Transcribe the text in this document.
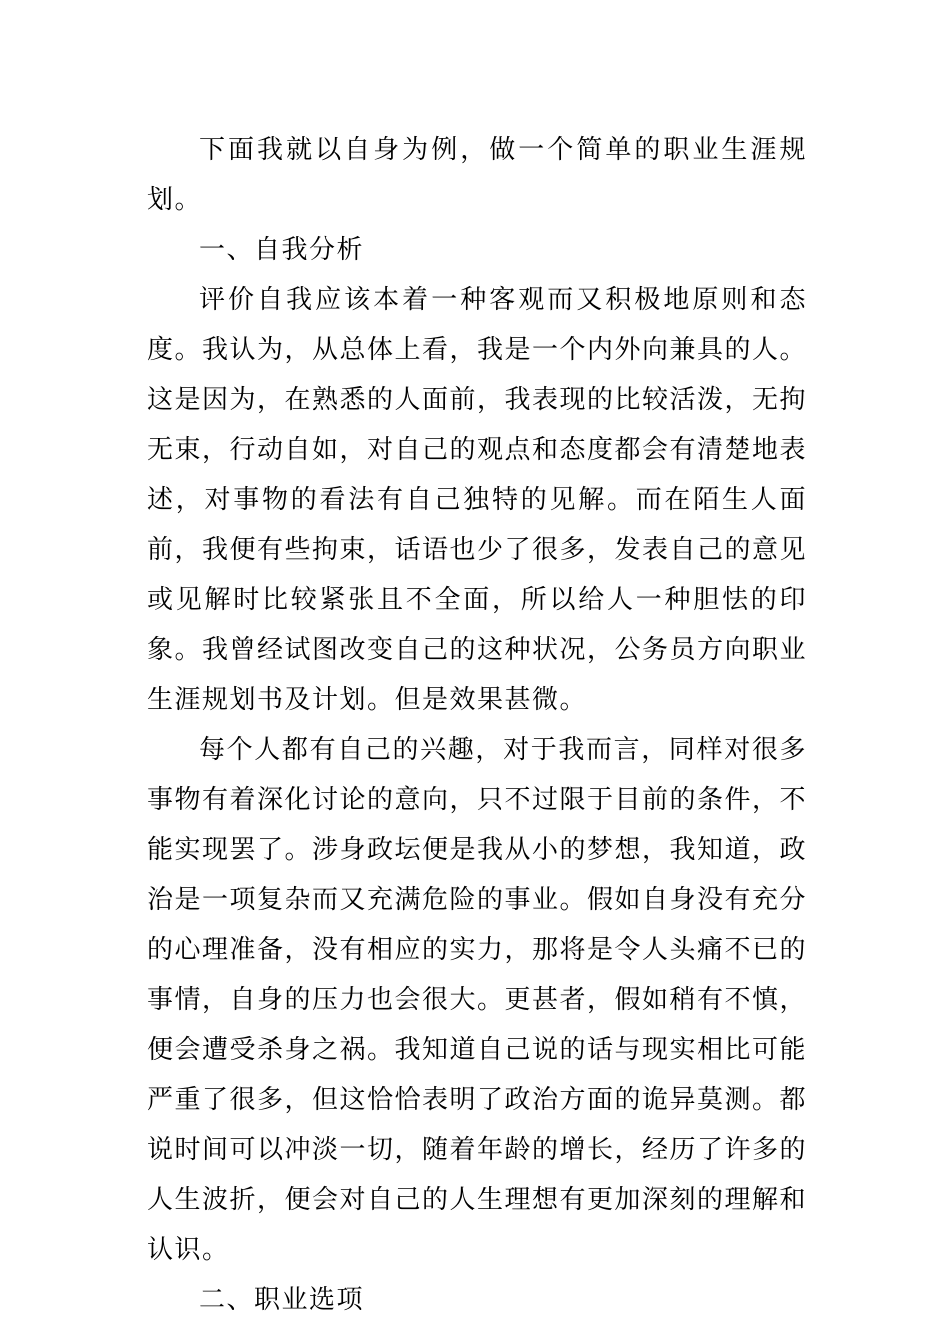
下面我就以自身为例，做一个简单的职业生涯规划。

一、自我分析

评价自我应该本着一种客观而又积极地原则和态度。我认为，从总体上看，我是一个内外向兼具的人。这是因为，在熟悉的人面前，我表现的比较活泼，无拘无束，行动自如，对自己的观点和态度都会有清楚地表述，对事物的看法有自己独特的见解。而在陌生人面前，我便有些拘束，话语也少了很多，发表自己的意见或见解时比较紧张且不全面，所以给人一种胆怯的印象。我曾经试图改变自己的这种状况，公务员方向职业生涯规划书及计划。但是效果甚微。

每个人都有自己的兴趣，对于我而言，同样对很多事物有着深化讨论的意向，只不过限于目前的条件，不能实现罢了。涉身政坛便是我从小的梦想，我知道，政治是一项复杂而又充满危险的事业。假如自身没有充分的心理准备，没有相应的实力，那将是令人头痛不已的事情，自身的压力也会很大。更甚者，假如稍有不慎，便会遭受杀身之祸。我知道自己说的话与现实相比可能严重了很多，但这恰恰表明了政治方面的诡异莫测。都说时间可以冲淡一切，随着年龄的增长，经历了许多的人生波折，便会对自己的人生理想有更加深刻的理解和认识。

二、职业选项
